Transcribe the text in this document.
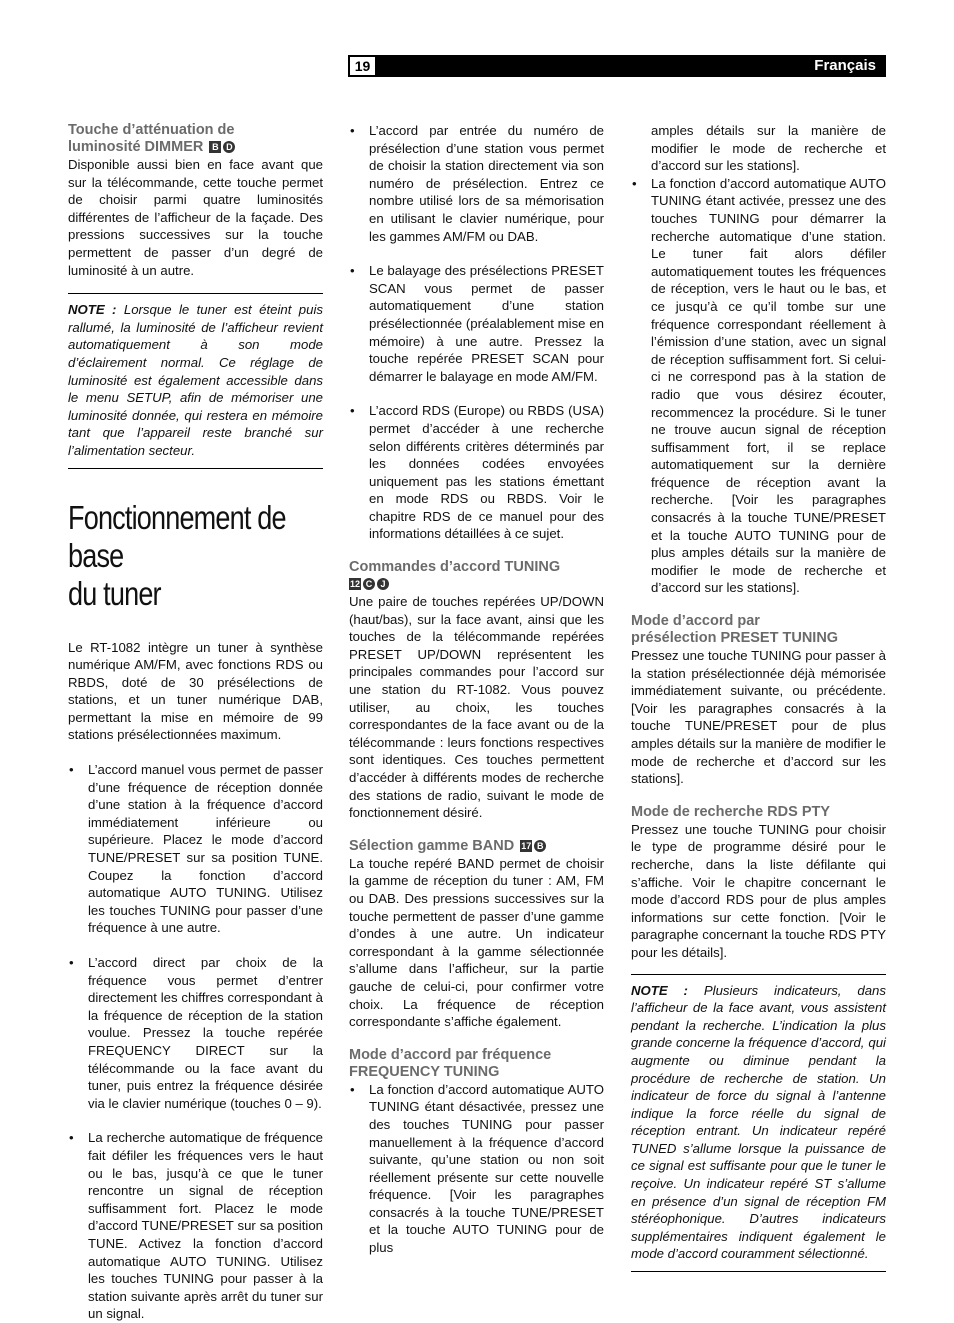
Français
19
Touche d’atténuation de
luminosité DIMMER B D

Disponible aussi bien en face avant que sur la télécommande, cette touche permet de choisir parmi quatre luminosités différentes de l’afficheur de la façade. Des pressions successives sur la touche permettent de passer d’un degré de luminosité à un autre.

NOTE : Lorsque le tuner est éteint puis rallumé, la luminosité de l’afficheur revient automatiquement à son mode d’éclairement normal. Ce réglage de luminosité est également accessible dans le menu SETUP, afin de mémoriser une luminosité donnée, qui restera en mémoire tant que l’appareil reste branché sur l’alimentation secteur.

Fonctionnement de base
du tuner

Le RT-1082 intègre un tuner à synthèse numérique AM/FM, avec fonctions RDS ou RBDS, doté de 30 présélections de stations, et un tuner numérique DAB, permettant la mise en mémoire de 99 stations présélectionnées maximum.

• L’accord manuel vous permet de passer d’une fréquence de réception donnée d’une station à la fréquence d’accord immédiatement inférieure ou supérieure. Placez le mode d’accord TUNE/PRESET sur sa position TUNE. Coupez la fonction d’accord automatique AUTO TUNING. Utilisez les touches TUNING pour passer d’une fréquence à une autre.
• L’accord direct par choix de la fréquence vous permet d’entrer directement les chiffres correspondant à la fréquence de réception de la station voulue. Pressez la touche repérée FREQUENCY DIRECT sur la télécommande ou la face avant du tuner, puis entrez la fréquence désirée via le clavier numérique (touches 0 – 9).
• La recherche automatique de fréquence fait défiler les fréquences vers le haut ou le bas, jusqu’à ce que le tuner rencontre un signal de réception suffisamment fort. Placez le mode d’accord TUNE/PRESET sur sa position TUNE. Activez la fonction d’accord automatique AUTO TUNING. Utilisez les touches TUNING pour passer à la station suivante après arrêt du tuner sur un signal.
• L’accord par entrée du numéro de présélection d’une station vous permet de choisir la station directement via son numéro de présélection. Entrez ce nombre utilisé lors de sa mémorisation en utilisant le clavier numérique, pour les gammes AM/FM ou DAB.
• Le balayage des présélections PRESET SCAN vous permet de passer automatiquement d’une station présélectionnée (préalablement mise en mémoire) à une autre. Pressez la touche repérée PRESET SCAN pour démarrer le balayage en mode AM/FM.
• L’accord RDS (Europe) ou RBDS (USA) permet d’accéder à une recherche selon différents critères déterminés par les données codées envoyées uniquement pas les stations émettant en mode RDS ou RBDS. Voir le chapitre RDS de ce manuel pour des informations détaillées à ce sujet.
Commandes d’accord TUNING
12 C J

Une paire de touches repérées UP/DOWN (haut/bas), sur la face avant, ainsi que les touches de la télécommande repérées PRESET UP/DOWN représentent les principales commandes pour l’accord sur une station du RT-1082. Vous pouvez utiliser, au choix, les touches correspondantes de la face avant ou de la télécommande : leurs fonctions respectives sont identiques. Ces touches permettent d’accéder à différents modes de recherche des stations de radio, suivant le mode de fonctionnement désiré.

Sélection gamme BAND 17 B

La touche repéré BAND permet de choisir la gamme de réception du tuner : AM, FM ou DAB. Des pressions successives sur la touche permettent de passer d’une gamme d’ondes à une autre. Un indicateur correspondant à la gamme sélectionnée s’allume dans l’afficheur, sur la partie gauche de celui-ci, pour confirmer votre choix. La fréquence de réception correspondante s’affiche également.

Mode d’accord par fréquence
FREQUENCY TUNING
• La fonction d’accord automatique AUTO TUNING étant désactivée, pressez une des touches TUNING pour passer manuellement à la fréquence d’accord suivante, qu’une station ou non soit réellement présente sur cette nouvelle fréquence. [Voir les paragraphes consacrés à la touche TUNE/PRESET et la touche AUTO TUNING pour de plus
amples détails sur la manière de modifier le mode de recherche et d’accord sur les stations].
• La fonction d’accord automatique AUTO TUNING étant activée, pressez une des touches TUNING pour démarrer la recherche automatique d’une station. Le tuner fait alors défiler automatiquement toutes les fréquences de réception, vers le haut ou le bas, et ce jusqu’à ce qu’il tombe sur une fréquence correspondant réellement à l’émission d’une station, avec un signal de réception suffisamment fort. Si celui-ci ne correspond pas à la station de radio que vous désirez écouter, recommencez la procédure. Si le tuner ne trouve aucun signal de réception suffisamment fort, il se replace automatiquement sur la dernière fréquence de réception avant la recherche. [Voir les paragraphes consacrés à la touche TUNE/PRESET et la touche AUTO TUNING pour de plus amples détails sur la manière de modifier le mode de recherche et d’accord sur les stations].
Mode d’accord par
présélection PRESET TUNING

Pressez une touche TUNING pour passer à la station présélectionnée déjà mémorisée immédiatement suivante, ou précédente. [Voir les paragraphes consacrés à la touche TUNE/PRESET pour de plus amples détails sur la manière de modifier le mode de recherche et d’accord sur les stations].

Mode de recherche RDS PTY

Pressez une touche TUNING pour choisir le type de programme désiré pour le recherche, dans la liste défilante qui s’affiche. Voir le chapitre concernant le mode d’accord RDS pour de plus amples informations sur cette fonction. [Voir le paragraphe concernant la touche RDS PTY pour les détails].

NOTE : Plusieurs indicateurs, dans l’afficheur de la face avant, vous assistent pendant la recherche. L’indication la plus grande concerne la fréquence d’accord, qui augmente ou diminue pendant la procédure de recherche de station. Un indicateur de force du signal à l’antenne indique la force réelle du signal de réception entrant. Un indicateur repéré TUNED s’allume lorsque la puissance de ce signal est suffisante pour que le tuner le reçoive. Un indicateur repéré ST s’allume en présence d’un signal de réception FM stéréophonique. D’autres indicateurs supplémentaires indiquent également le mode d’accord couramment sélectionné.
